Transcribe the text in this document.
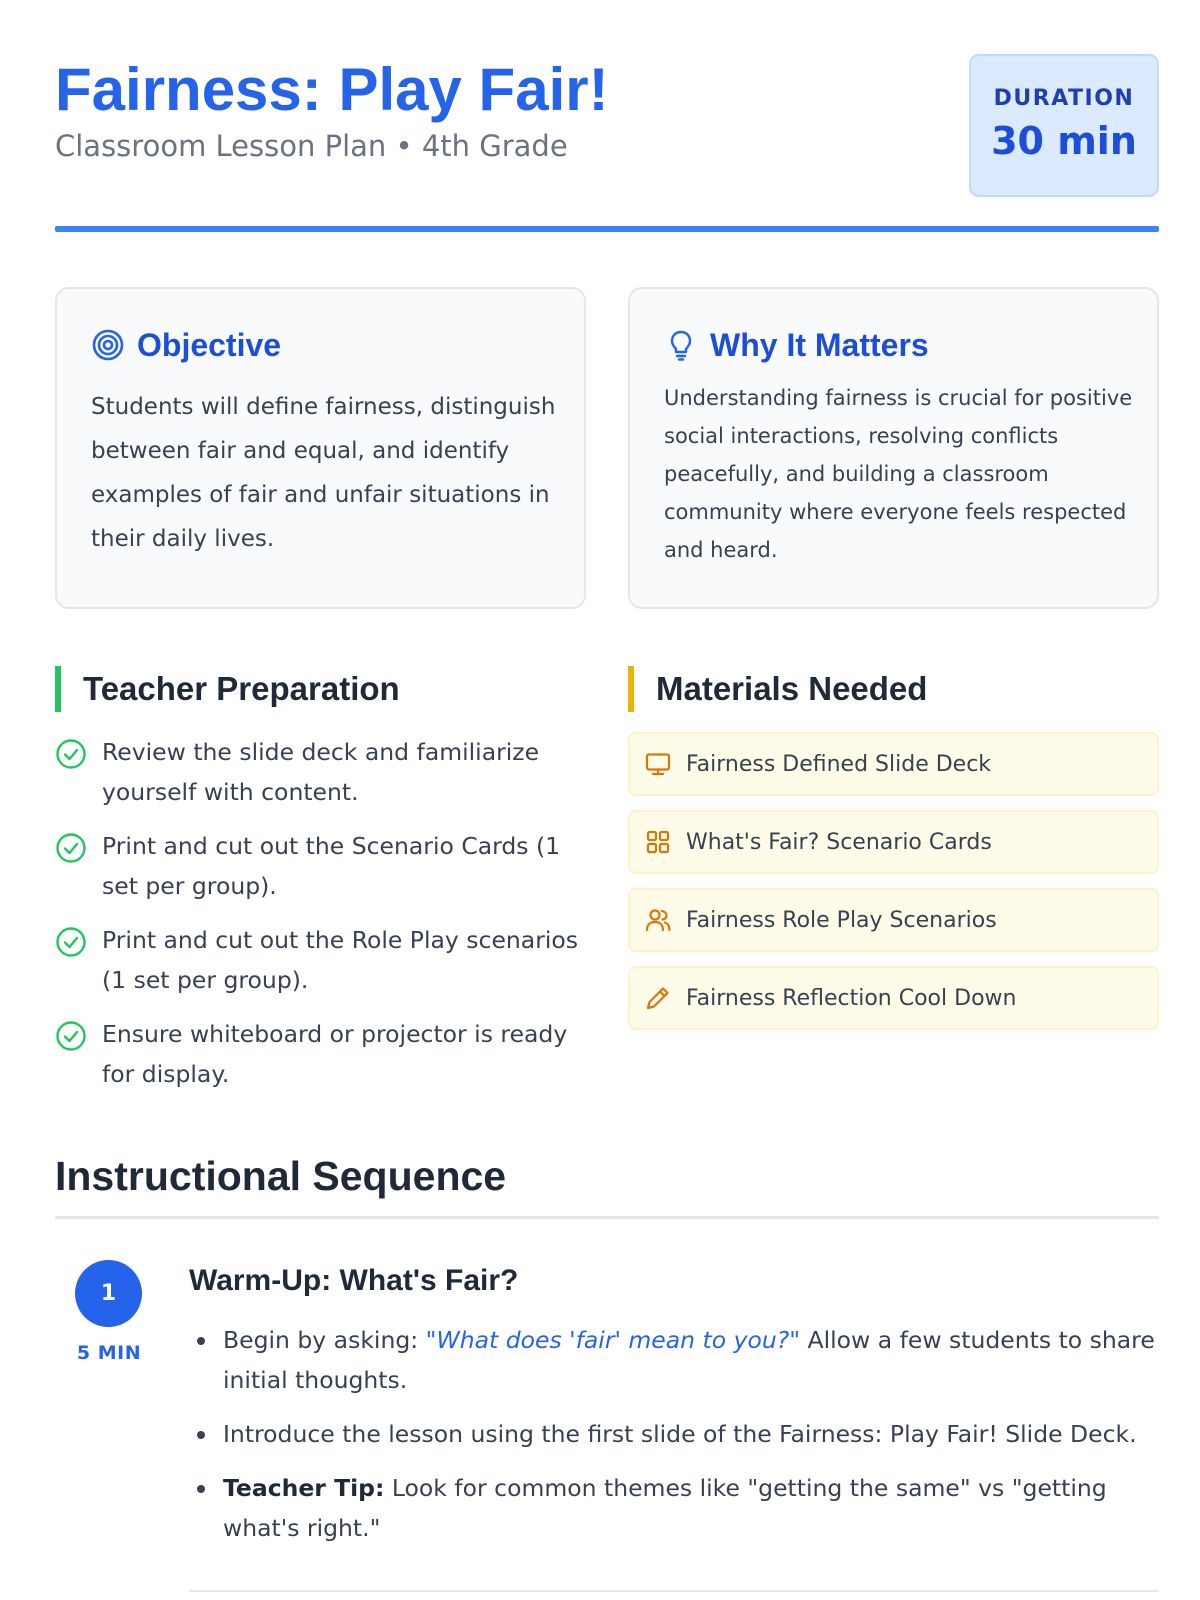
Fairness: Play Fair!
Classroom Lesson Plan • 4th Grade
DURATION
30 min
Objective

Students will define fairness, distinguish between fair and equal, and identify examples of fair and unfair situations in their daily lives.

Why It Matters

Understanding fairness is crucial for positive social interactions, resolving conflicts peacefully, and building a classroom community where everyone feels respected and heard.

Teacher Preparation
Review the slide deck and familiarize yourself with content.
Print and cut out the Scenario Cards (1 set per group).
Print and cut out the Role Play scenarios (1 set per group).
Ensure whiteboard or projector is ready for display.
Materials Needed
Fairness Defined Slide Deck
What's Fair? Scenario Cards
Fairness Role Play Scenarios
Fairness Reflection Cool Down
Instructional Sequence
1
5 MIN
Warm-Up: What's Fair?
Begin by asking: "What does 'fair' mean to you?" Allow a few students to share initial thoughts.
Introduce the lesson using the first slide of the Fairness: Play Fair! Slide Deck.
Teacher Tip: Look for common themes like "getting the same" vs "getting what's right."
